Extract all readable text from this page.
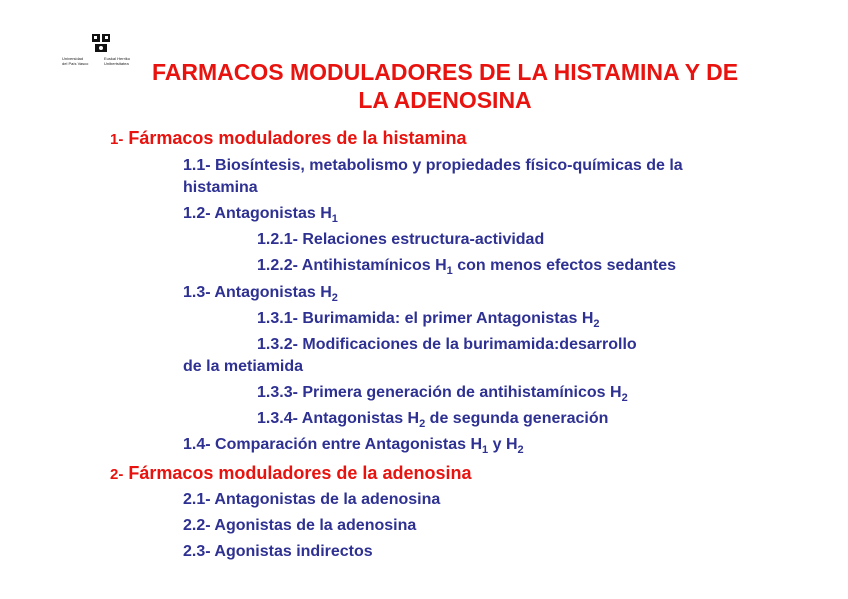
Universidad
del País Vasco
Euskal Herriko
Unibertsitatea	FARMACOS MODULADORES DE LA HISTAMINA Y DE
LA ADENOSINA
1- Fármacos moduladores de la histamina
1.1- Biosíntesis, metabolismo y propiedades físico-químicas de la
histamina
1.2- Antagonistas $H_1$
1.2.1- Relaciones estructura-actividad
1.2.2- Antihistamínicos $H_1$ con menos efectos sedantes
1.3- Antagonistas $H_2$
1.3.1- Burimamida: el primer Antagonistas $H_2$
1.3.2- Modificaciones de la burimamida:desarrollo
de la metiamida
1.3.3- Primera generación de antihistamínicos $H_2$
1.3.4- Antagonistas $H_2$ de segunda generación
1.4- Comparación entre Antagonistas $H_1$ y $H_2$
2- Fármacos moduladores de la adenosina
2.1- Antagonistas de la adenosina
2.2- Agonistas de la adenosina
2.3- Agonistas indirectos
